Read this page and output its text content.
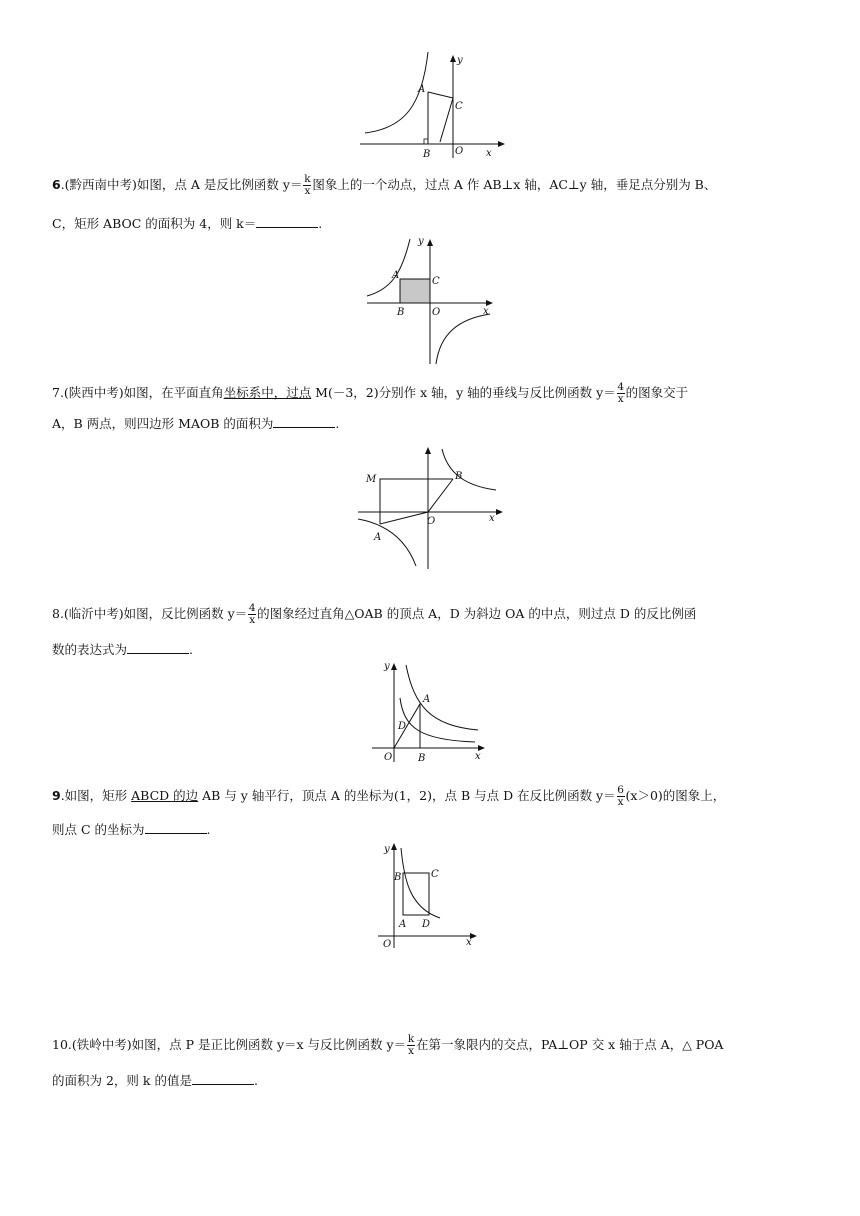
y
x
A
C
B O
6.(黔西南中考)如图，点 A 是反比例函数 $y= \frac{k}{x}$ 图象上的一个动点，过点 A 作 AB⊥x 轴，AC⊥y 轴，垂足点分别为 B、
C，矩形 ABOC 的面积为 4，则 k＝	.
y
x
A
C
B	O
7.(陕西中考)如图，在平面直角坐标系中，过点 M(－3，2)分别作 x 轴，y 轴的垂线与反比例函数 $y= \frac{4}{x}$ 的图象交于
A，B 两点，则四边形 MAOB 的面积为	.
M	B
O	x
A
8.(临沂中考)如图，反比例函数 $y= \frac{4}{x}$ 的图象经过直角△OAB 的顶点 A，D 为斜边 OA 的中点，则过点 D 的反比例函
数的表达式为	.
y
A
D
O	B	x
9.如图，矩形 ABCD 的边 AB 与 y 轴平行，顶点 A 的坐标为(1，2)，点 B 与点 D 在反比例函数 $y= \frac{6}{x} (x>0)$的图象上，
则点 C 的坐标为	.
y
B	C
A D
O	x
10.(铁岭中考)如图，点 P 是正比例函数 y＝x 与反比例函数 $y= \frac{k}{x}$ 在第一象限内的交点，PA⊥OP 交 x 轴于点 A，△ POA
的面积为 2，则 k 的值是	.
